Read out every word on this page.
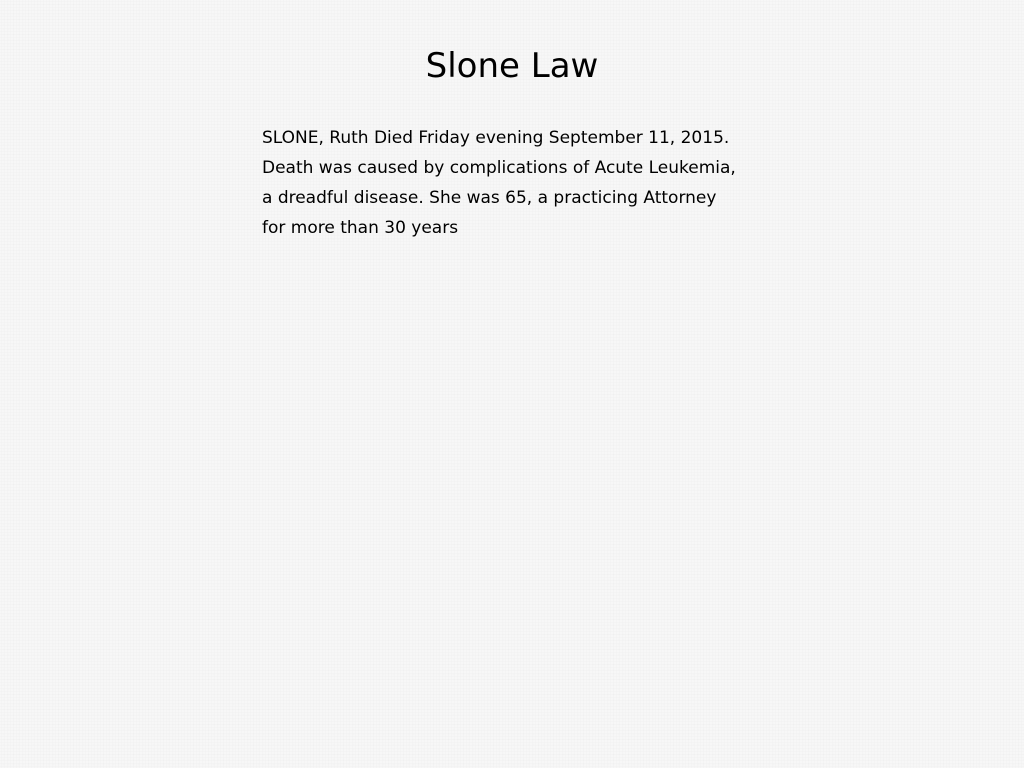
Slone Law

SLONE, Ruth Died Friday evening September 11, 2015. Death was caused by complications of Acute Leukemia, a dreadful disease. She was 65, a practicing Attorney for more than 30 years
